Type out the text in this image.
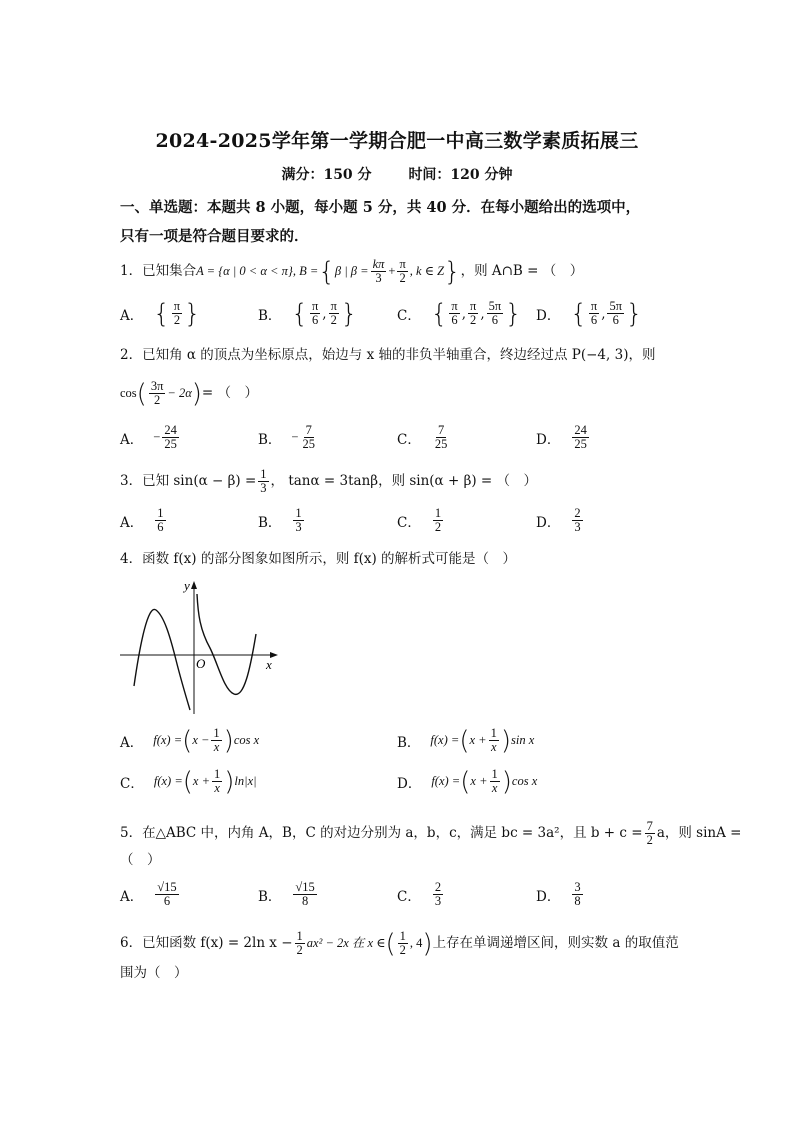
2024-2025学年第一学期合肥一中高三数学素质拓展三
满分：150 分	时间：120 分钟
一、单选题：本题共 8 小题，每小题 5 分，共 40 分．在每小题给出的选项中，
只有一项是符合题目要求的．
1．已知集合 A = {α | 0 < α < π}, B = { β | $\beta = \frac{k\pi}{3} + \frac{\pi}{2}$ , k ∈ Z } ，则 A∩B = （　）
A． { $\frac{\pi}{2}$ }	B． { $\frac{\pi}{6}$ , $\frac{\pi}{2}$ }	C． { $\frac{\pi}{6}$ , $\frac{\pi}{2}$ , $\frac{5\pi}{6}$ } D． { $\frac{\pi}{6}$ , $\frac{5\pi}{6}$ }
2．已知角 α 的顶点为坐标原点，始边与 x 轴的非负半轴重合，终边经过点 P(−4, 3)，则
cos ( $\frac{3\pi}{2} - 2\alpha$ ) = （　）
A． − $\frac{24}{25}$	B． − $\frac{7}{25}$	C． $\frac{7}{25}$	D． $\frac{24}{25}$
3．已知 $\sin(\alpha - \beta) = \frac{1}{3}$ ， tanα = 3tanβ，则 sin(α + β) = （　）
A． $\frac{1}{6}$	B． $\frac{1}{3}$	C． $\frac{1}{2}$	D． $\frac{2}{3}$
4．函数 f(x) 的部分图象如图所示，则 f(x) 的解析式可能是（　）
y
x
O
A． f(x) = ( $x - \frac{1}{x}$ ) cos x	B． f(x) = ( $x + \frac{1}{x}$ ) sin x
C． f(x) = ( $x + \frac{1}{x}$ ) ln|x|	D． f(x) = ( $x + \frac{1}{x}$ ) cos x
5．在△ABC 中，内角 A，B，C 的对边分别为 a，b，c，满足 bc = 3a²，且 $b + c = \frac{7}{2}$ a，则 sinA =
（　）
A． $\frac{√15}{6}$	B． $\frac{√15}{8}$	C． $\frac{2}{3}$	D． $\frac{3}{8}$
6．已知函数 f(x) = 2ln $x - \frac{1}{2} ax^2 - 2x$ 在 x ∈ ( $\frac{1}{2}$ , 4 ) 上存在单调递增区间，则实数 a 的取值范
围为（　）
